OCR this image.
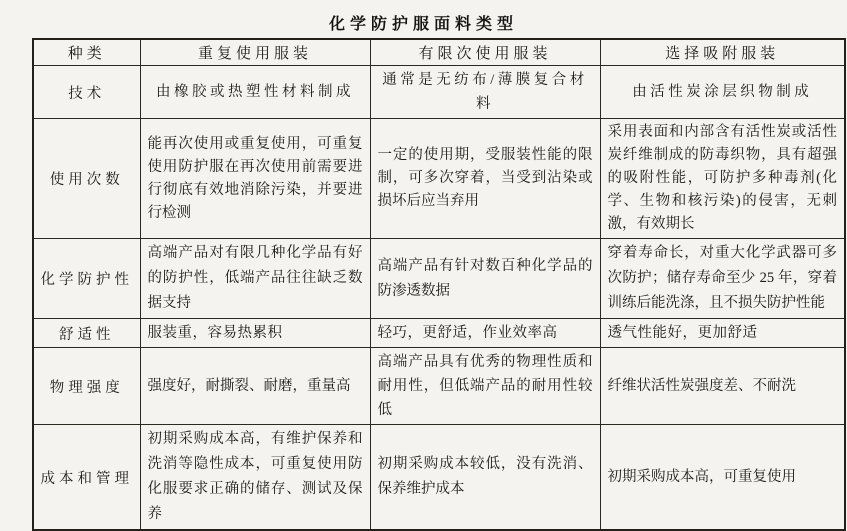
化学防护服面料类型
种类	重复使用服装	有限次使用服装	选择吸附服装
技术	由橡胶或热塑性材料制成	通常是无纺布/薄膜复合材料	由活性炭涂层织物制成
使用次数	能再次使用或重复使用，可重复使用防护服在再次使用前需要进行彻底有效地消除污染，并要进行检测	一定的使用期，受服装性能的限制，可多次穿着，当受到沾染或损坏后应当弃用	采用表面和内部含有活性炭或活性炭纤维制成的防毒织物，具有超强的吸附性能，可防护多种毒剂(化学、生物和核污染)的侵害，无刺激，有效期长
化学防护性	高端产品对有限几种化学品有好的防护性，低端产品往往缺乏数据支持	高端产品有针对数百种化学品的防渗透数据	穿着寿命长，对重大化学武器可多次防护；储存寿命至少 25 年，穿着训练后能洗涤，且不损失防护性能
舒适性	服装重，容易热累积	轻巧，更舒适，作业效率高	透气性能好，更加舒适
物理强度	强度好，耐撕裂、耐磨，重量高	高端产品具有优秀的物理性质和耐用性，但低端产品的耐用性较低	纤维状活性炭强度差、不耐洗
成本和管理	初期采购成本高，有维护保养和洗消等隐性成本，可重复使用防化服要求正确的储存、测试及保养	初期采购成本较低，没有洗消、保养维护成本	初期采购成本高，可重复使用
